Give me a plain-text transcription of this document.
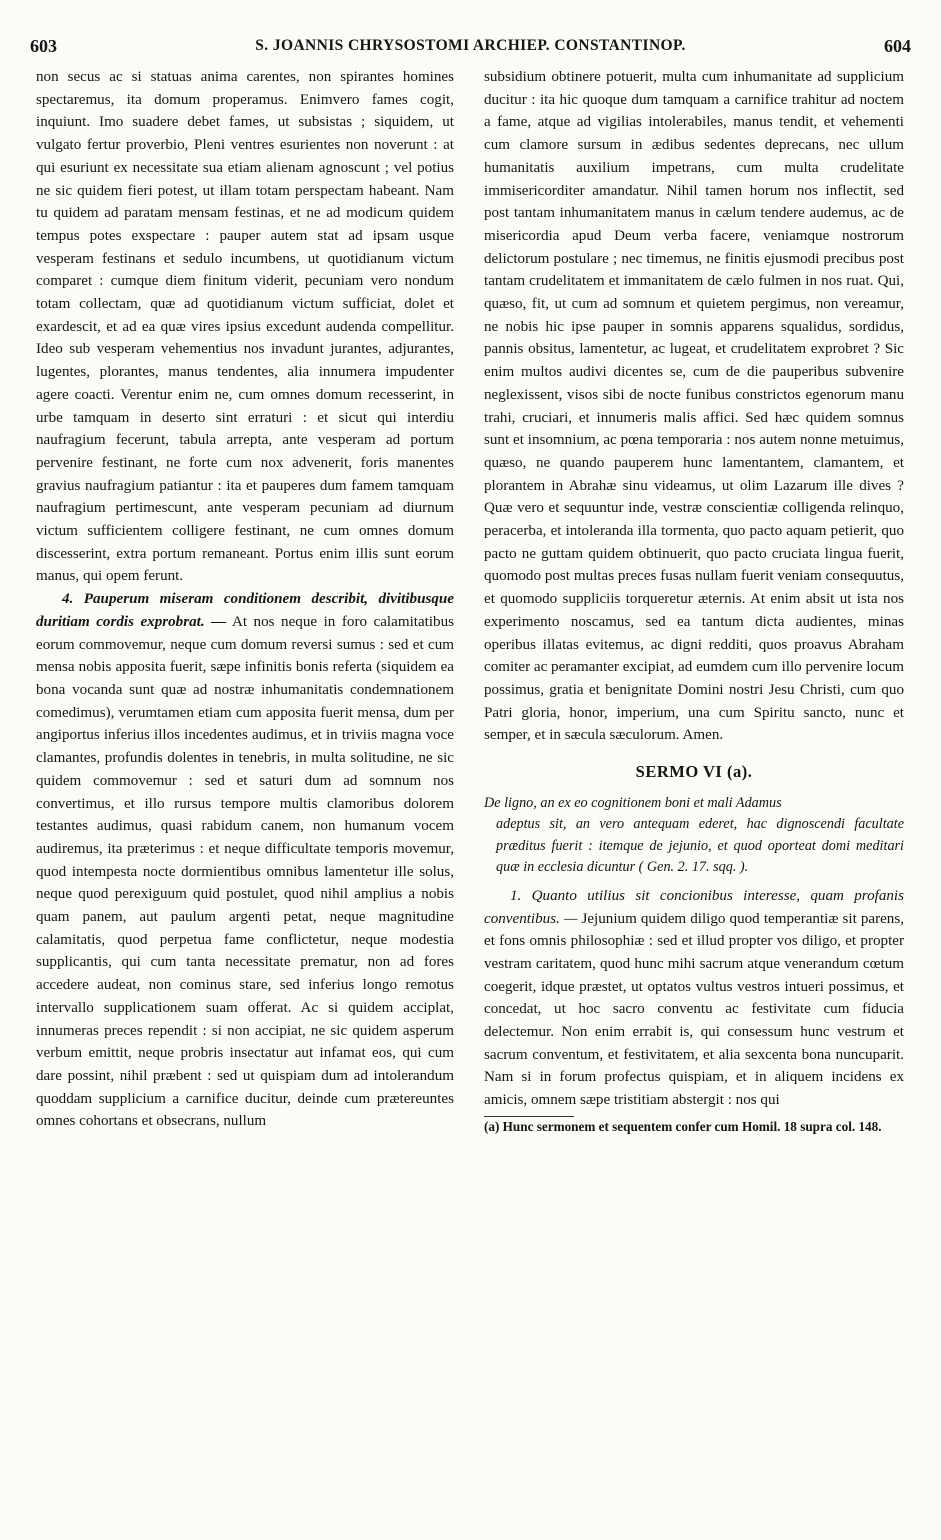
603	S. JOANNIS CHRYSOSTOMI ARCHIEP. CONSTANTINOP.	604

non secus ac si statuas anima carentes, non spirantes homines spectaremus, ita domum properamus. Enimvero fames cogit, inquiunt. Imo suadere debet fames, ut subsistas ; siquidem, ut vulgato fertur proverbio, Pleni ventres esurientes non noverunt : at qui esuriunt ex necessitate sua etiam alienam agnoscunt ; vel potius ne sic quidem fieri potest, ut illam totam perspectam habeant. Nam tu quidem ad paratam mensam festinas, et ne ad modicum quidem tempus potes exspectare : pauper autem stat ad ipsam usque vesperam festinans et sedulo incumbens, ut quotidianum victum comparet : cumque diem finitum viderit, pecuniam vero nondum totam collectam, quæ ad quotidianum victum sufficiat, dolet et exardescit, et ad ea quæ vires ipsius excedunt audenda compellitur. Ideo sub vesperam vehementius nos invadunt jurantes, adjurantes, lugentes, plorantes, manus tendentes, alia innumera impudenter agere coacti. Verentur enim ne, cum omnes domum recesserint, in urbe tamquam in deserto sint erraturi : et sicut qui interdiu naufragium fecerunt, tabula arrepta, ante vesperam ad portum pervenire festinant, ne forte cum nox advenerit, foris manentes gravius naufragium patiantur : ita et pauperes dum famem tamquam naufragium pertimescunt, ante vesperam pecuniam ad diurnum victum sufficientem colligere festinant, ne cum omnes domum discesserint, extra portum remaneant. Portus enim illis sunt eorum manus, qui opem ferunt.

4. Pauperum miseram conditionem describit, divitibusque duritiam cordis exprobrat. — At nos neque in foro calamitatibus eorum commovemur, neque cum domum reversi sumus : sed et cum mensa nobis apposita fuerit, sæpe infinitis bonis referta (siquidem ea bona vocanda sunt quæ ad nostræ inhumanitatis condemnationem comedimus), verumtamen etiam cum apposita fuerit mensa, dum per angiportus inferius illos incedentes audimus, et in triviis magna voce clamantes, profundis dolentes in tenebris, in multa solitudine, ne sic quidem commovemur : sed et saturi dum ad somnum nos convertimus, et illo rursus tempore multis clamoribus dolorem testantes audimus, quasi rabidum canem, non humanum vocem audiremus, ita prætеrimus : et neque difficultate temporis movemur, quod intempesta nocte dormientibus omnibus lamentetur ille solus, neque quod perexiguum quid postulet, quod nihil amplius a nobis quam panem, aut paulum argenti petat, neque magnitudine calamitatis, quod perpetua fame conflictetur, neque modestia supplicantis, qui cum tanta necessitate prematur, non ad fores accedere audeat, non cominus stare, sed inferius longo remotus intervallo supplicationem suam offerat. Ac si quidem acciplat, innumeras preces rependit : si non accipiat, ne sic quidem asperum verbum emittit, neque probris insectatur aut infamat eos, qui cum dare possint, nihil præbent : sed ut quispiam dum ad intolerandum quoddam supplicium a carnifice ducitur, deinde cum prætereuntes omnes cohortans et obsecrans, nullum

subsidium obtinere potuerit, multa cum inhumanitate ad supplicium ducitur : ita hic quoque dum tamquam a carnifice trahitur ad noctem a fame, atque ad vigilias intolerabiles, manus tendit, et vehementi cum clamore sursum in ædibus sedentes deprecans, nec ullum humanitatis auxilium impetrans, cum multa crudelitate immisericorditer amandatur. Nihil tamen horum nos inflectit, sed post tantam inhumanitatem manus in cælum tendere audemus, ac de misericordia apud Deum verba facere, veniamque nostrorum delictorum postulare ; nec timemus, ne finitis ejusmodi precibus post tantam crudelitatem et immanitatem de cælo fulmen in nos ruat. Qui, quæso, fit, ut cum ad somnum et quietem pergimus, non vereamur, ne nobis hic ipse pauper in somnis apparens squalidus, sordidus, pannis obsitus, lamentetur, ac lugeat, et crudelitatem exprobret ? Sic enim multos audivi dicentes se, cum de die pauperibus subvenire neglexissent, visos sibi de nocte funibus constrictos egenorum manu trahi, cruciari, et innumeris malis affici. Sed hæc quidem somnus sunt et insomnium, ac pœna temporaria : nos autem nonne metuimus, quæso, ne quando pauperem hunc lamentantem, clamantem, et plorantem in Abrahæ sinu videamus, ut olim Lazarum ille dives ? Quæ vero et sequuntur inde, vestræ conscientiæ colligenda relinquo, peracerba, et intoleranda illa tormenta, quo pacto aquam petierit, quo pacto ne guttam quidem obtinuerit, quo pacto cruciata lingua fuerit, quomodo post multas preces fusas nullam fuerit veniam consequutus, et quomodo suppliciis torqueretur æternis. At enim absit ut ista nos experimento noscamus, sed ea tantum dicta audientes, minas operibus illatas evitemus, ac digni redditi, quos proavus Abraham comiter ac peramanter excipiat, ad eumdem cum illo pervenire locum possimus, gratia et benignitate Domini nostri Jesu Christi, cum quo Patri gloria, honor, imperium, una cum Spiritu sancto, nunc et semper, et in sæcula sæculorum. Amen.

SERMO VI (a).
De ligno, an ex eo cognitionem boni et mali Adamus
adeptus sit, an vero antequam ederet, hac dignoscendi facultate præditus fuerit : itemque de jejunio, et quod oporteat domi meditari quæ in ecclesia dicuntur ( Gen. 2. 17. sqq. ).

1. Quanto utilius sit concionibus interesse, quam profanis conventibus. — Jejunium quidem diligo quod temperantiæ sit parens, et fons omnis philosophiæ : sed et illud propter vos diligo, et propter vestram caritatem, quod hunc mihi sacrum atque venerandum cœtum coegerit, idque præstet, ut optatos vultus vestros intueri possimus, et concedat, ut hoc sacro conventu ac festivitate cum fiducia delectemur. Non enim errabit is, qui consessum hunc vestrum et sacrum conventum, et festivitatem, et alia sexcenta bona nuncuparit. Nam si in forum profectus quispiam, et in aliquem incidens ex amicis, omnem sæpe tristitiam abstergit : nos qui

(a) Hunc sermonem et sequentem confer cum Homil. 18 supra col. 148.
